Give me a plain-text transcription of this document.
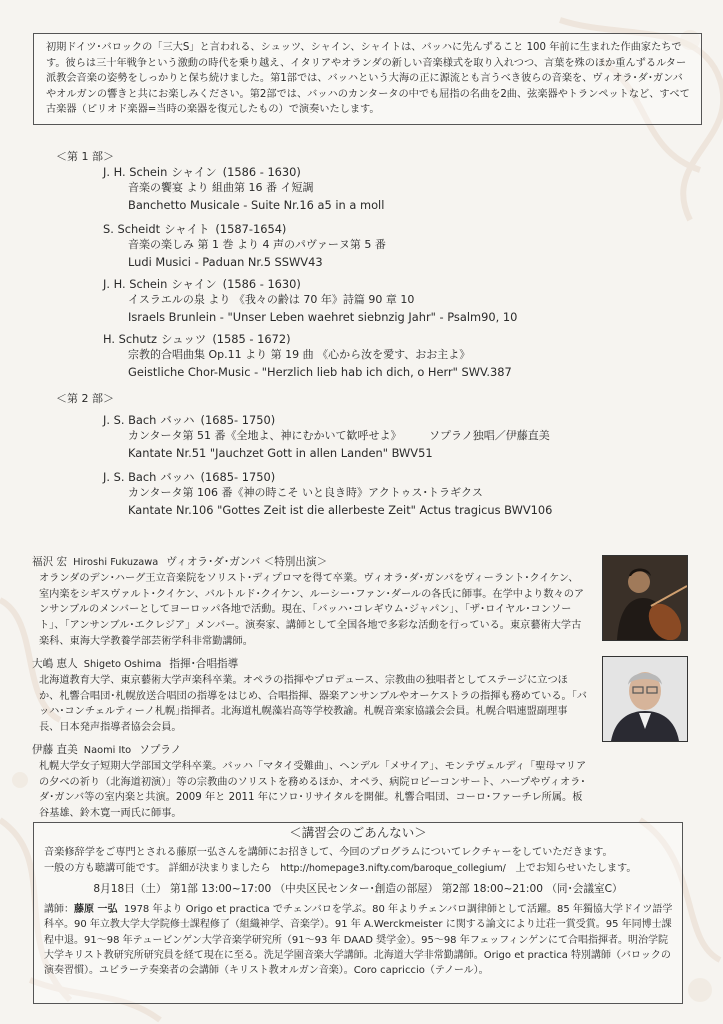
初期ドイツ･バロックの「三大S」と言われる、シュッツ、シャイン、シャイトは、バッハに先んずること 100 年前に生まれた作曲家たちです。彼らは三十年戦争という激動の時代を乗り越え、イタリアやオランダの新しい音楽様式を取り入れつつ、言葉を殊のほか重んずるルター派教会音楽の姿勢をしっかりと保ち続けました。第1部では、バッハという大海の正に源流とも言うべき彼らの音楽を、ヴィオラ･ダ･ガンバやオルガンの響きと共にお楽しみください。第2部では、バッハのカンタータの中でも屈指の名曲を2曲、弦楽器やトランペットなど、すべて古楽器（ピリオド楽器=当時の楽器を復元したもの）で演奏いたします。
＜第 1 部＞
J. H. Schein シャイン (1586 - 1630)
音楽の饗宴 より 組曲第 16 番 イ短調
Banchetto Musicale - Suite Nr.16 a5 in a moll
S. Scheidt シャイト (1587-1654)
音楽の楽しみ 第 1 巻 より 4 声のパヴァーヌ第 5 番
Ludi Musici - Paduan Nr.5 SSWV43
J. H. Schein シャイン (1586 - 1630)
イスラエルの泉 より 《我々の齢は 70 年》詩篇 90 章 10
Israels Brunlein - "Unser Leben waehret siebnzig Jahr" - Psalm90, 10
H. Schutz シュッツ (1585 - 1672)
宗教的合唱曲集 Op.11 より 第 19 曲 《心から汝を愛す、おお主よ》
Geistliche Chor-Music - "Herzlich lieb hab ich dich, o Herr" SWV.387
＜第 2 部＞
J. S. Bach バッハ (1685- 1750)
カンタータ第 51 番《全地よ、神にむかいて歓呼せよ》　　　ソプラノ独唱／伊藤直美
Kantate Nr.51 "Jauchzet Gott in allen Landen" BWV51
J. S. Bach バッハ (1685- 1750)
カンタータ第 106 番《神の時こそ いと良き時》アクトゥス･トラギクス
Kantate Nr.106 "Gottes Zeit ist die allerbeste Zeit" Actus tragicus BWV106
福沢 宏 Hiroshi Fukuzawa ヴィオラ･ダ･ガンバ ＜特別出演＞
オランダのデン･ハーグ王立音楽院をソリスト･ディプロマを得て卒業。ヴィオラ･ダ･ガンバをヴィーラント･クイケン、室内楽をシギスヴァルト･クイケン、バルトルド･クイケン、ルーシー･ファン･ダールの各氏に師事。在学中より数々のアンサンブルのメンバーとしてヨーロッパ各地で活動。現在、「バッハ･コレギウム･ジャパン」、「ザ･ロイヤル･コンソート」、「アンサンブル･エクレジア」メンバー。演奏家、講師として全国各地で多彩な活動を行っている。東京藝術大学古楽科、東海大学教養学部芸術学科非常勤講師。
大嶋 恵人 Shigeto Oshima 指揮･合唱指導
北海道教育大学、東京藝術大学声楽科卒業。オペラの指揮やプロデュース、宗教曲の独唱者としてステージに立つほか、札響合唱団･札幌放送合唱団の指導をはじめ、合唱指揮、器楽アンサンブルやオーケストラの指揮も務めている。｢バッハ･コンチェルティーノ札幌｣指揮者。北海道札幌藻岩高等学校教諭。札幌音楽家協議会会員。札幌合唱連盟副理事長、日本発声指導者協会会員。
伊藤 直美 Naomi Ito ソプラノ
札幌大学女子短期大学部国文学科卒業。バッハ「マタイ受難曲」、ヘンデル「メサイア」、モンテヴェルディ「聖母マリアの夕べの祈り（北海道初演）」等の宗教曲のソリストを務めるほか、オペラ、病院ロビーコンサート、ハープやヴィオラ･ダ･ガンバ等の室内楽と共演。2009 年と 2011 年にソロ･リサイタルを開催。札響合唱団、コーロ･ファーチレ所属。板谷基雄、鈴木寛一両氏に師事。
＜講習会のごあんない＞
音楽修辞学をご専門とされる藤原一弘さんを講師にお招きして、今回のプログラムについてレクチャーをしていただきます。
一般の方も聴講可能です。 詳細が決まりましたら http://homepage3.nifty.com/baroque_collegium/ 上でお知らせいたします。
8月18日（土） 第1部 13:00~17:00 （中央区民センター･創造の部屋） 第2部 18:00~21:00 （同･会議室C）
講師：藤原 一弘 1978 年より Origo et practica でチェンバロを学ぶ。80 年よりチェンバロ調律師として活躍。85 年獨協大学ドイツ語学科卒。90 年立教大学大学院修士課程修了（組織神学、音楽学）。91 年 A.Werckmeister に関する論文により辻荘一賞受賞。95 年同博士課程中退。91～98 年テュービンゲン大学音楽学研究所（91～93 年 DAAD 奨学金）。95～98 年フェッフィンゲンにて合唱指揮者。明治学院大学キリスト教研究所研究員を経て現在に至る。洗足学園音楽大学講師。北海道大学非常勤講師。Origo et practica 特別講師（バロックの演奏習慣）。ユビラーテ奏楽者の会講師（キリスト教オルガン音楽）。Coro capriccio（テノール）。
